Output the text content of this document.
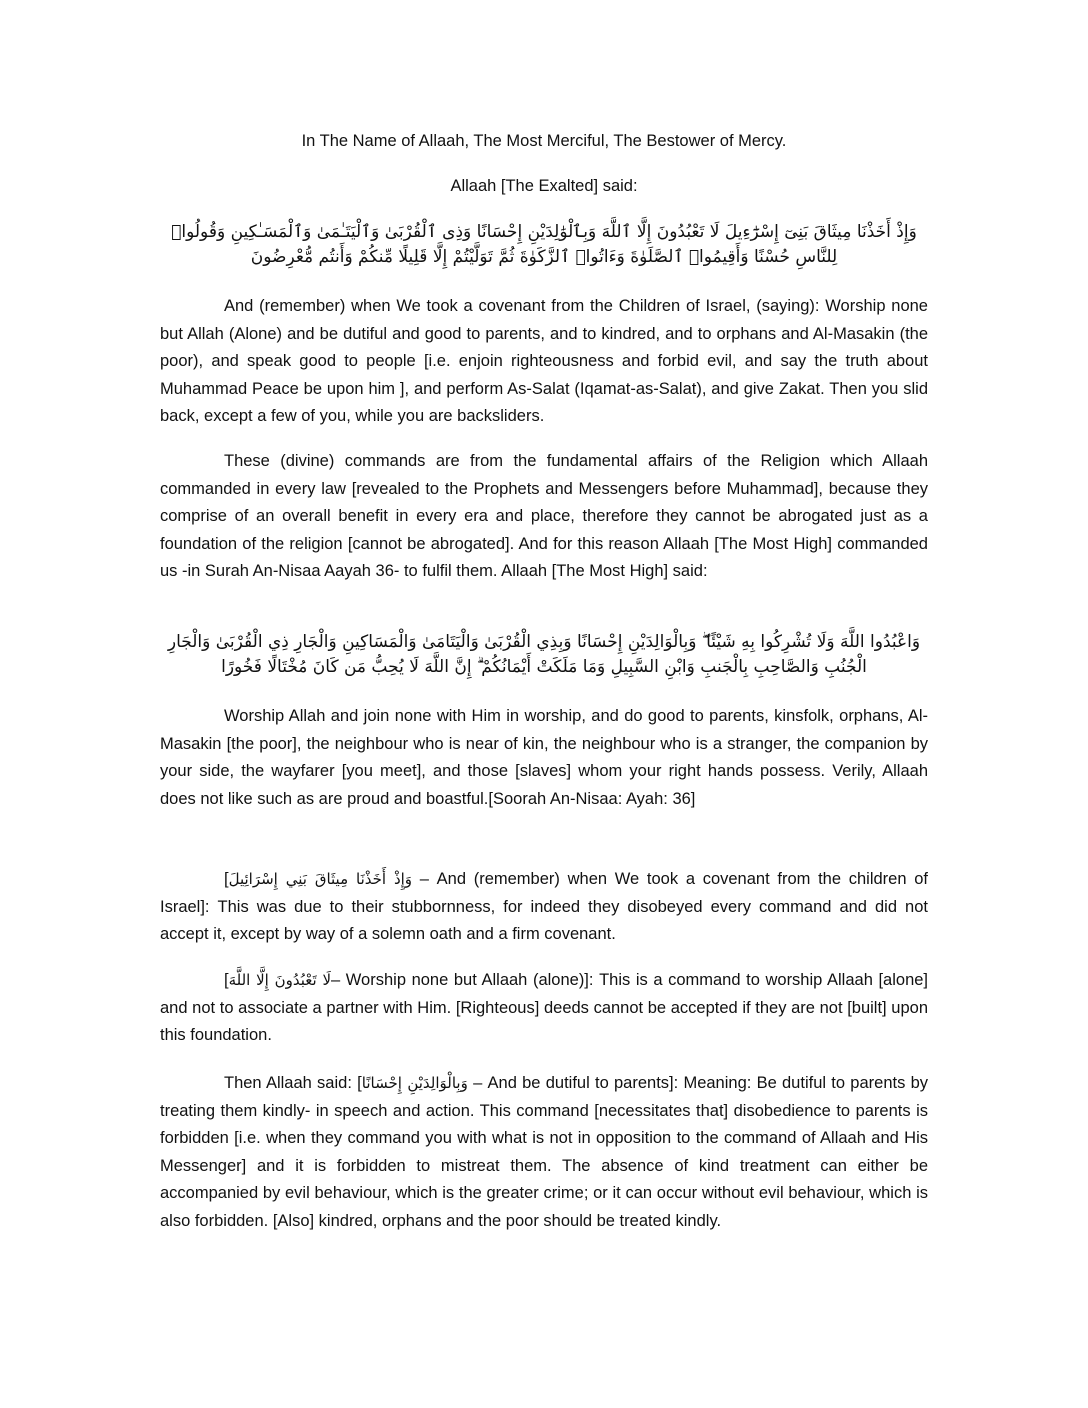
In The Name of Allaah, The Most Merciful, The Bestower of Mercy.
Allaah [The Exalted] said:

وَإِذْ أَخَذْنَا مِيثَاقَ بَنِىٓ إِسْرَٰٓءِيلَ لَا تَعْبُدُونَ إِلَّا ٱللَّهَ وَبِٱلْوَٰلِدَيْنِ إِحْسَانًا وَذِى ٱلْقُرْبَىٰ وَٱلْيَتَـٰمَىٰ وَٱلْمَسَـٰكِينِ وَقُولُوا۟ لِلنَّاسِ حُسْنًا وَأَقِيمُوا۟ ٱلصَّلَوٰةَ وَءَاتُوا۟ ٱلزَّكَوٰةَ ثُمَّ تَوَلَّيْتُمْ إِلَّا قَلِيلًا مِّنكُمْ وَأَنتُم مُّعْرِضُونَ

And (remember) when We took a covenant from the Children of Israel, (saying): Worship none but Allah (Alone) and be dutiful and good to parents, and to kindred, and to orphans and Al-Masakin (the poor), and speak good to people [i.e. enjoin righteousness and forbid evil, and say the truth about Muhammad Peace be upon him ], and perform As-Salat (Iqamat-as-Salat), and give Zakat. Then you slid back, except a few of you, while you are backsliders.

These (divine) commands are from the fundamental affairs of the Religion which Allaah commanded in every law [revealed to the Prophets and Messengers before Muhammad], because they comprise of an overall benefit in every era and place, therefore they cannot be abrogated just as a foundation of the religion [cannot be abrogated]. And for this reason Allaah [The Most High] commanded us -in Surah An-Nisaa Aayah 36- to fulfil them. Allaah [The Most High] said:

وَاعْبُدُوا اللَّهَ وَلَا تُشْرِكُوا بِهِ شَيْئًا ۖ وَبِالْوَالِدَيْنِ إِحْسَانًا وَبِذِي الْقُرْبَىٰ وَالْيَتَامَىٰ وَالْمَسَاكِينِ وَالْجَارِ ذِي الْقُرْبَىٰ وَالْجَارِ الْجُنُبِ وَالصَّاحِبِ بِالْجَنبِ وَابْنِ السَّبِيلِ وَمَا مَلَكَتْ أَيْمَانُكُمْ ۗ إِنَّ اللَّهَ لَا يُحِبُّ مَن كَانَ مُخْتَالًا فَخُورًا

Worship Allah and join none with Him in worship, and do good to parents, kinsfolk, orphans, Al-Masakin [the poor], the neighbour who is near of kin, the neighbour who is a stranger, the companion by your side, the wayfarer [you meet], and those [slaves] whom your right hands possess. Verily, Allaah does not like such as are proud and boastful.[Soorah An-Nisaa: Ayah: 36]

[وَإِذْ أَخَذْنَا مِيثَاقَ بَنِي إِسْرَائِيلَ – And (remember) when We took a covenant from the children of Israel]: This was due to their stubbornness, for indeed they disobeyed every command and did not accept it, except by way of a solemn oath and a firm covenant.

[لَا تَعْبُدُونَ إِلَّا اللَّهَ– Worship none but Allaah (alone)]: This is a command to worship Allaah [alone] and not to associate a partner with Him. [Righteous] deeds cannot be accepted if they are not [built] upon this foundation.

Then Allaah said: [وَبِالْوَالِدَيْنِ إِحْسَانًا – And be dutiful to parents]: Meaning: Be dutiful to parents by treating them kindly- in speech and action. This command [necessitates that] disobedience to parents is forbidden [i.e. when they command you with what is not in opposition to the command of Allaah and His Messenger] and it is forbidden to mistreat them. The absence of kind treatment can either be accompanied by evil behaviour, which is the greater crime; or it can occur without evil behaviour, which is also forbidden. [Also] kindred, orphans and the poor should be treated kindly.
